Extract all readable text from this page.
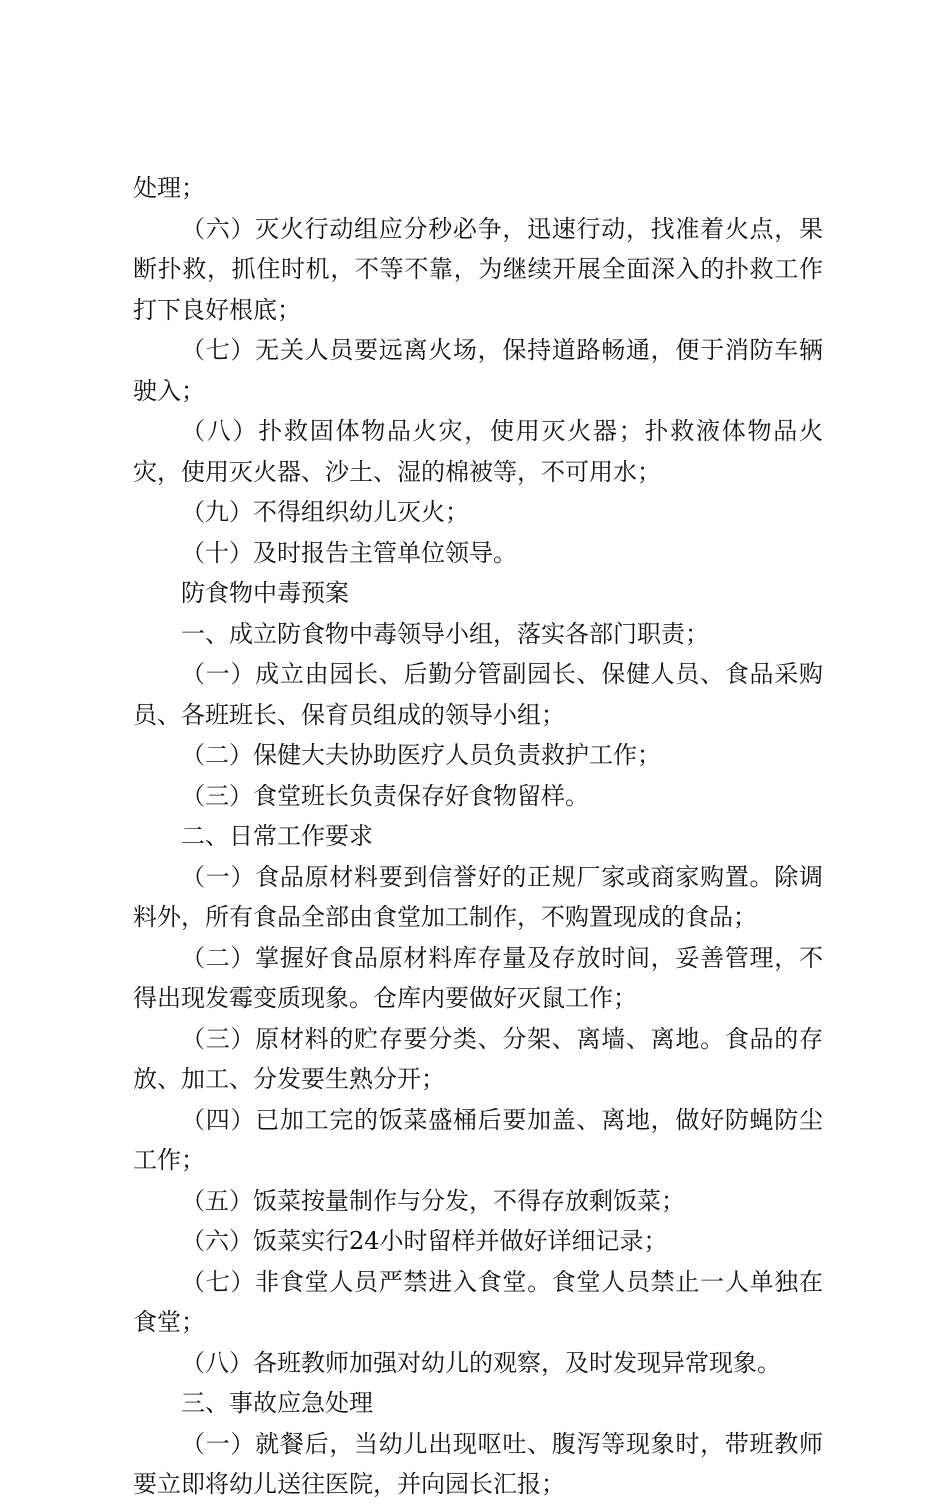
处理；

（六）灭火行动组应分秒必争，迅速行动，找准着火点，果断扑救，抓住时机，不等不靠，为继续开展全面深入的扑救工作打下良好根底；

（七）无关人员要远离火场，保持道路畅通，便于消防车辆驶入；

（八）扑救固体物品火灾，使用灭火器；扑救液体物品火灾，使用灭火器、沙土、湿的棉被等，不可用水；

（九）不得组织幼儿灭火；

（十）及时报告主管单位领导。

防食物中毒预案

一、成立防食物中毒领导小组，落实各部门职责；

（一）成立由园长、后勤分管副园长、保健人员、食品采购员、各班班长、保育员组成的领导小组；

（二）保健大夫协助医疗人员负责救护工作；

（三）食堂班长负责保存好食物留样。

二、日常工作要求

（一）食品原材料要到信誉好的正规厂家或商家购置。除调料外，所有食品全部由食堂加工制作，不购置现成的食品；

（二）掌握好食品原材料库存量及存放时间，妥善管理，不得出现发霉变质现象。仓库内要做好灭鼠工作；

（三）原材料的贮存要分类、分架、离墙、离地。食品的存放、加工、分发要生熟分开；

（四）已加工完的饭菜盛桶后要加盖、离地，做好防蝇防尘工作；

（五）饭菜按量制作与分发，不得存放剩饭菜；

（六）饭菜实行24小时留样并做好详细记录；

（七）非食堂人员严禁进入食堂。食堂人员禁止一人单独在食堂；

（八）各班教师加强对幼儿的观察，及时发现异常现象。

三、事故应急处理

（一）就餐后，当幼儿出现呕吐、腹泻等现象时，带班教师要立即将幼儿送往医院，并向园长汇报；
